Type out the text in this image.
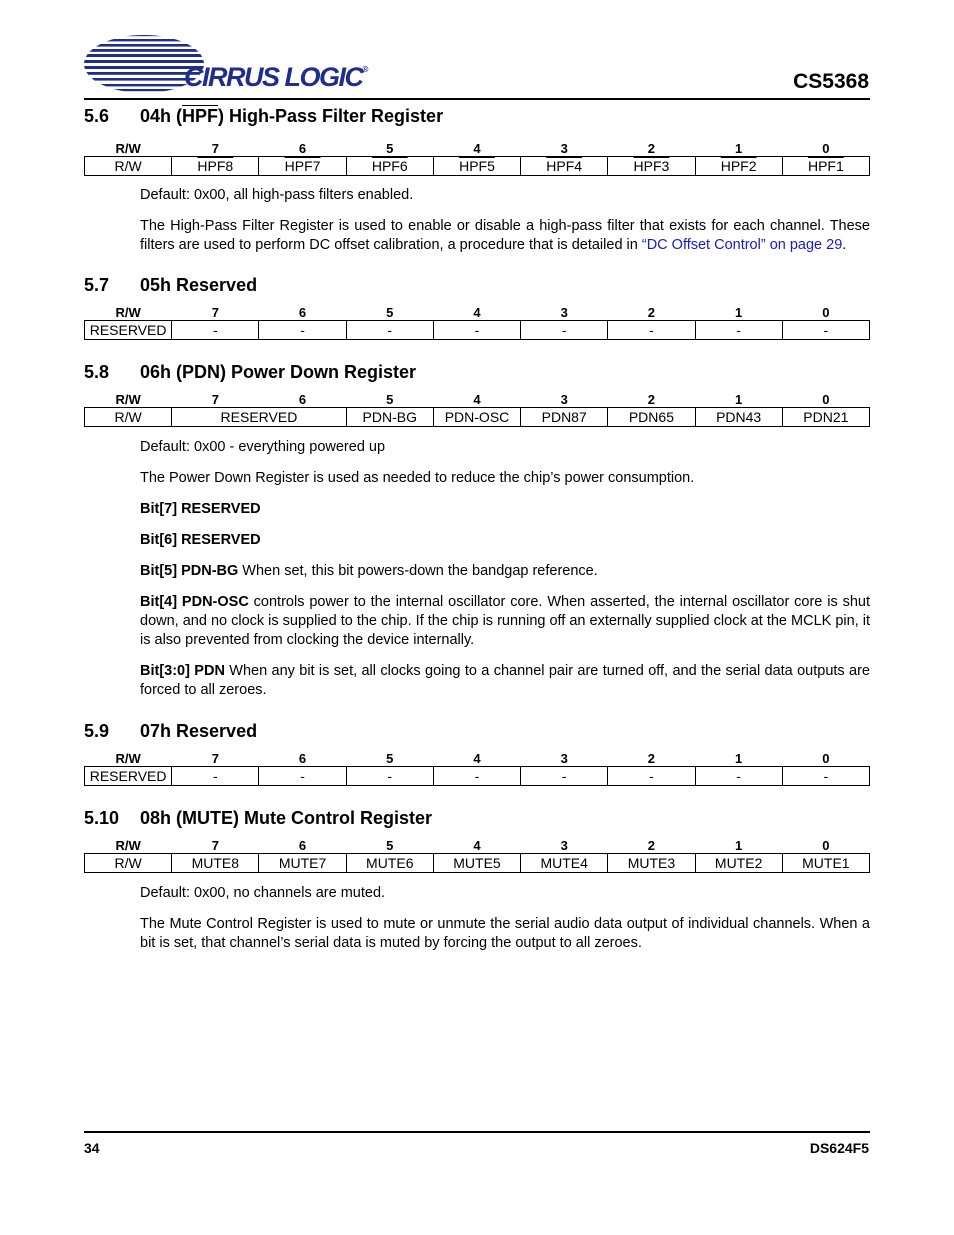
CIRRUS LOGIC®
CS5368
5.6 04h (HPF) High-Pass Filter Register
R/W	7	6	5	4	3	2	1	0
R/W	HPF8	HPF7	HPF6	HPF5	HPF4	HPF3	HPF2	HPF1

Default: 0x00, all high-pass filters enabled.

The High-Pass Filter Register is used to enable or disable a high-pass filter that exists for each channel. These filters are used to perform DC offset calibration, a procedure that is detailed in “DC Offset Control” on page 29.

5.7 05h Reserved
R/W	7	6	5	4	3	2	1	0
RESERVED	-	-	-	-	-	-	-	-
5.8 06h (PDN) Power Down Register
R/W	7	6	5	4	3	2	1	0
R/W	RESERVED		PDN-BG	PDN-OSC	PDN87	PDN65	PDN43	PDN21

Default: 0x00 - everything powered up

The Power Down Register is used as needed to reduce the chip’s power consumption.

Bit[7] RESERVED

Bit[6] RESERVED

Bit[5] PDN-BG When set, this bit powers-down the bandgap reference.

Bit[4] PDN-OSC controls power to the internal oscillator core. When asserted, the internal oscillator core is shut down, and no clock is supplied to the chip. If the chip is running off an externally supplied clock at the MCLK pin, it is also prevented from clocking the device internally.

Bit[3:0] PDN When any bit is set, all clocks going to a channel pair are turned off, and the serial data outputs are forced to all zeroes.

5.9 07h Reserved
R/W	7	6	5	4	3	2	1	0
RESERVED	-	-	-	-	-	-	-	-
5.10 08h (MUTE) Mute Control Register
R/W	7	6	5	4	3	2	1	0
R/W	MUTE8	MUTE7	MUTE6	MUTE5	MUTE4	MUTE3	MUTE2	MUTE1

Default: 0x00, no channels are muted.

The Mute Control Register is used to mute or unmute the serial audio data output of individual channels. When a bit is set, that channel’s serial data is muted by forcing the output to all zeroes.

34	DS624F5
